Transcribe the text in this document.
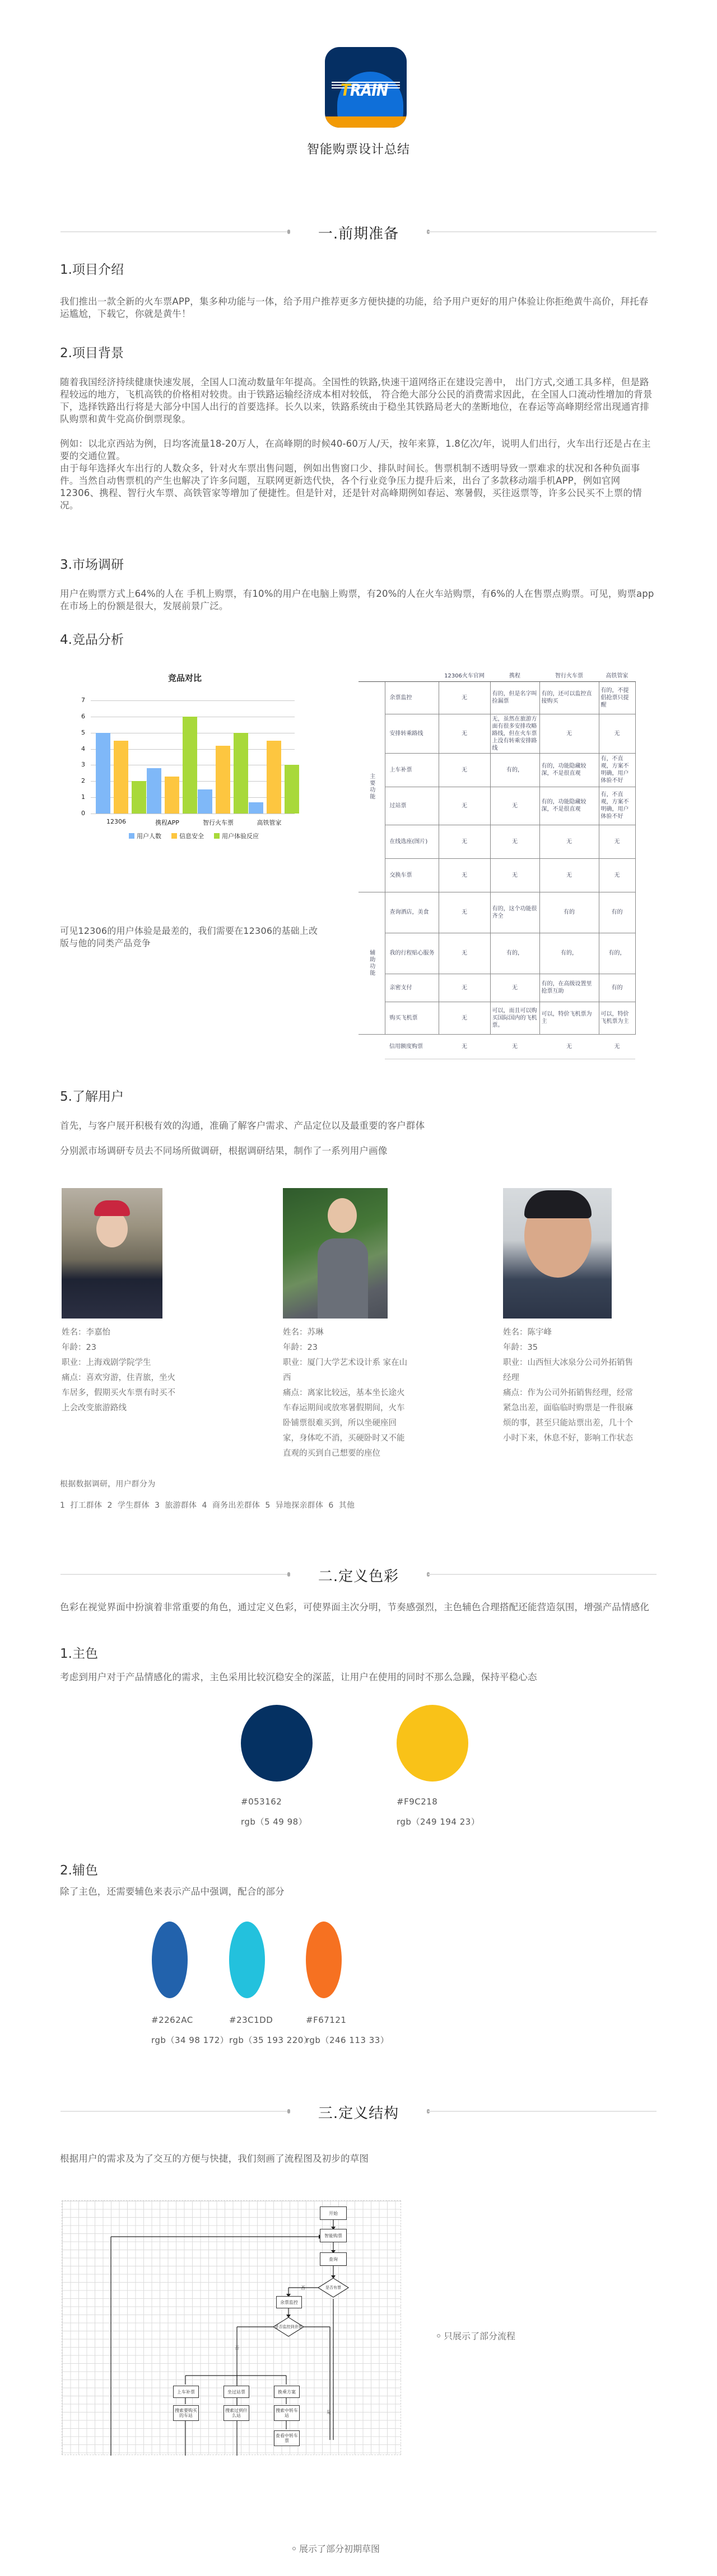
TRAIN
智能购票设计总结
一.前期准备
1.项目介绍
我们推出一款全新的火车票APP，集多种功能与一体，给予用户推荐更多方便快捷的功能，给予用户更好的用户体验让你拒绝黄牛高价，拜托春运尴尬，下载它，你就是黄牛！
2.项目背景
随着我国经济持续健康快速发展，全国人口流动数量年年提高。全国性的铁路,快速干道网络正在建设完善中， 出门方式,交通工具多样，但是路程较远的地方，飞机高铁的价格相对较贵。由于铁路运输经济成本相对较低， 符合绝大部分公民的消费需求因此，在全国人口流动性增加的背景下，选择铁路出行将是大部分中国人出行的首要选择。长久以来，铁路系统由于稳坐其铁路局老大的垄断地位，在春运等高峰期经常出现通宵排队购票和黄牛党高价倒票现象。
例如：以北京西站为例，日均客流量18-20万人，在高峰期的时候40-60万人/天，按年来算，1.8亿次/年，说明人们出行，火车出行还是占在主要的交通位置。
由于每年选择火车出行的人数众多，针对火车票出售问题，例如出售窗口少、排队时间长。售票机制不透明导致一票难求的状况和各种负面事件。当然自动售票机的产生也解决了许多问题，互联网更新迭代快，各个行业竞争压力提升后来，出台了多款移动端手机APP，例如官网12306、携程、智行火车票、高铁管家等增加了便捷性。但是针对，还是针对高峰期例如春运、寒暑假，买往返票等，许多公民买不上票的情况。
3.市场调研
用户在购票方式上64%的人在 手机上购票，有10%的用户在电脑上购票，有20%的人在火车站购票，有6%的人在售票点购票。可见，购票app在市场上的份额是很大，发展前景广泛。
4.竞品分析
竞品对比
0
1
2
3
4
5
6
7
12306	携程APP	智行火车票	高铁管家
用户人数	信息安全	用户体验反应
		12306火车官网	携程	智行火车票	高铁管家
主要功能	余票监控	无	有的，但是名字叫捡漏票	有的，还可以监控直接购买	有的，不提倡抢票只提醒
	安排转乘路线	无	无，虽然在旅游方面有很多安排攻略路线，但在火车票上没有转乘安排路线	无	无
	上车补票	无	有的，	有的，功能隐藏较深，不是很直观	有，不直观，方案不明确，用户体验不好
	过站票	无	无	有的，功能隐藏较深，不是很直观	有，不直观，方案不明确，用户体验不好
	在线选座(图片)	无	无	无	无
	交换车票	无	无	无	无
辅助功能	查询酒店，美食	无	有的，这个功能很齐全	有的	有的
	我的行程贴心服务	无	有的，	有的，	有的，
	亲密支付	无	无	有的，在高级设置里抢票互助	有的
	购买飞机票	无	可以，而且可以购买国际国内的飞机票。	可以，特价飞机票为主	可以，特价飞机票为主
	信用额度购票	无	无	无	无
可见12306的用户体验是最差的，我们需要在12306的基础上改版与他的同类产品竞争
5.了解用户
首先，与客户展开积极有效的沟通，准确了解客户需求、产品定位以及最重要的客户群体
分别派市场调研专员去不同场所做调研，根据调研结果，制作了一系列用户画像
姓名：李嘉怡
年龄：23
职业：上海戏剧学院学生
痛点：喜欢穷游，住青旅，坐火车居多，假期买火车票有时买不上会改变旅游路线
姓名：苏琳
年龄：23
职业：厦门大学艺术设计系 家在山西
痛点：离家比较远，基本坐长途火车春运期间或放寒暑假期间，火车卧铺票很难买到，所以坐硬座回家，身体吃不消，买硬卧时又不能直观的买到自己想要的座位
姓名：陈宇峰
年龄：35
职业：山西恒大冰泉分公司外拓销售经理
痛点：作为公司外拓销售经理，经常紧急出差，面临临时购票是一件很麻烦的事，甚至只能站票出差，几十个小时下来，休息不好，影响工作状态
根据数据调研，用户群分为
1  打工群体  2  学生群体  3  旅游群体  4  商务出差群体  5  异地探亲群体  6  其他
二.定义色彩
色彩在视觉界面中扮演着非常重要的角色，通过定义色彩，可使界面主次分明，节奏感强烈，主色辅色合理搭配还能营造氛围，增强产品情感化
1.主色
考虑到用户对于产品情感化的需求，主色采用比较沉稳安全的深蓝，让用户在使用的同时不那么急躁，保持平稳心态
#053162
rgb（5 49 98）
#F9C218
rgb（249 194 23）
2.辅色
除了主色，还需要辅色来表示产品中强调，配合的部分
#2262AC
rgb（34 98 172）
#23C1DD
rgb（35 193 220）
#F67121
rgb（246 113 33）
三.定义结构
根据用户的需求及为了交互的方便与快捷，我们刻画了流程图及初步的草图
否
否
是
开始
智能购票
查询
是否有票
余票监控
是否监控到余票
上车补票	坐过站票	换乘方案
搜索要购买的车站
搜索过到什么站
搜索中转车站
查看中转车票
只展示了部分流程
展示了部分初期草图
